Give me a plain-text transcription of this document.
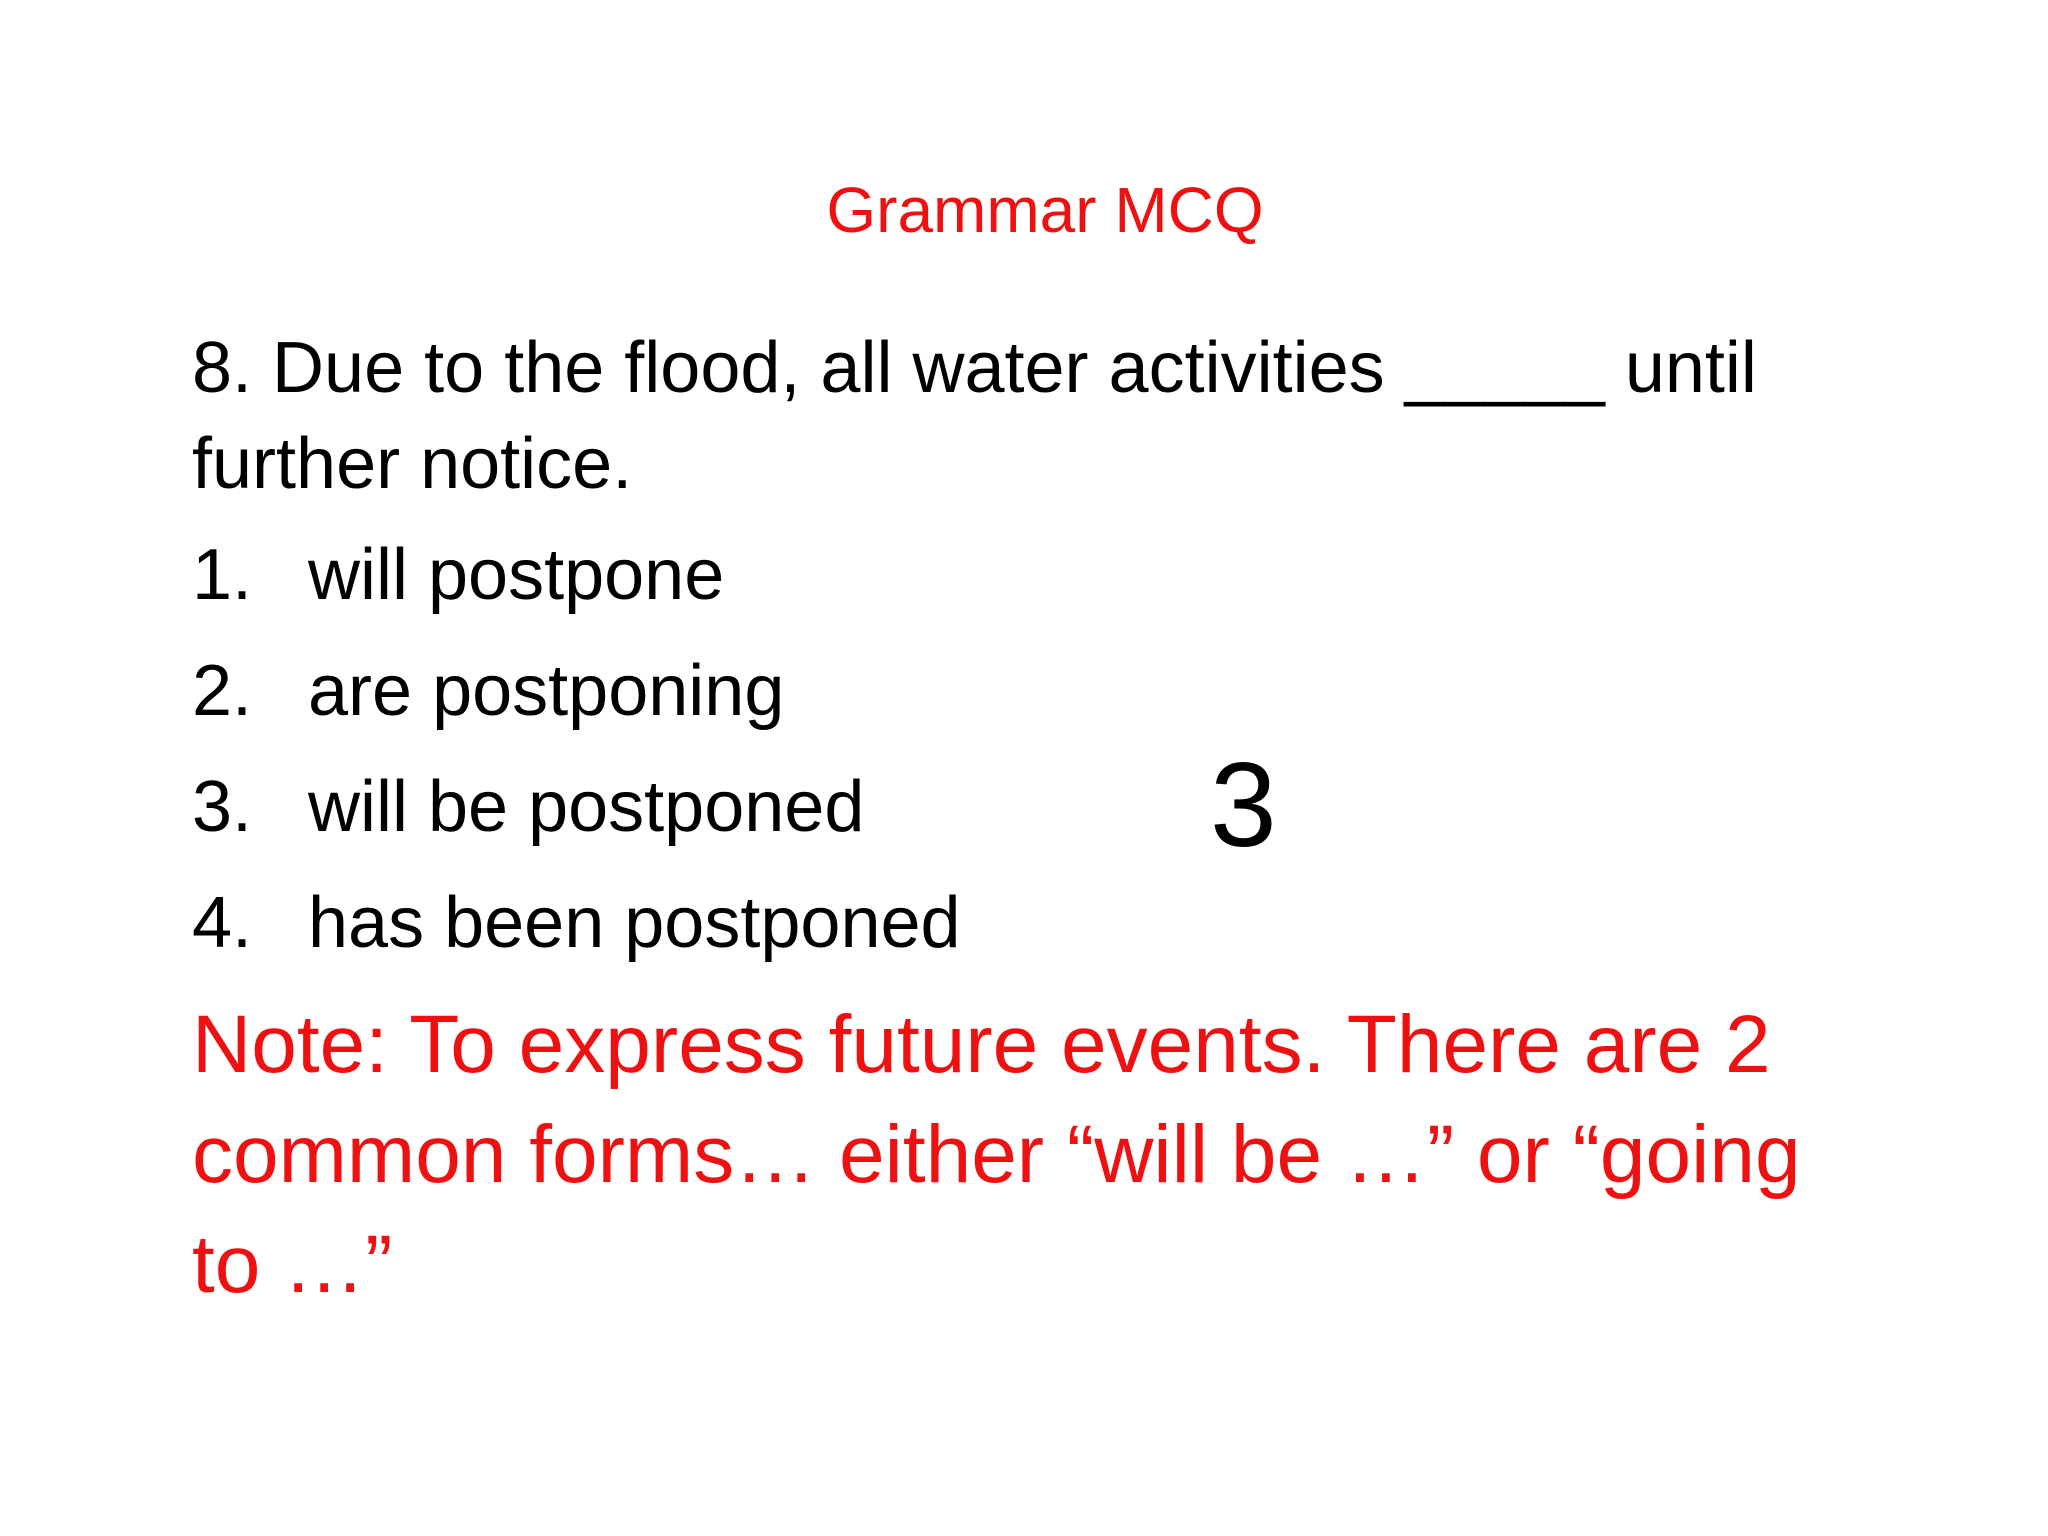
Grammar MCQ
8. Due to the flood, all water activities _____ until further notice.
1. will postpone
2. are postponing
3. will be postponed
4. has been postponed
3
Note: To express future events. There are 2 common forms… either “will be …” or “going to …”
